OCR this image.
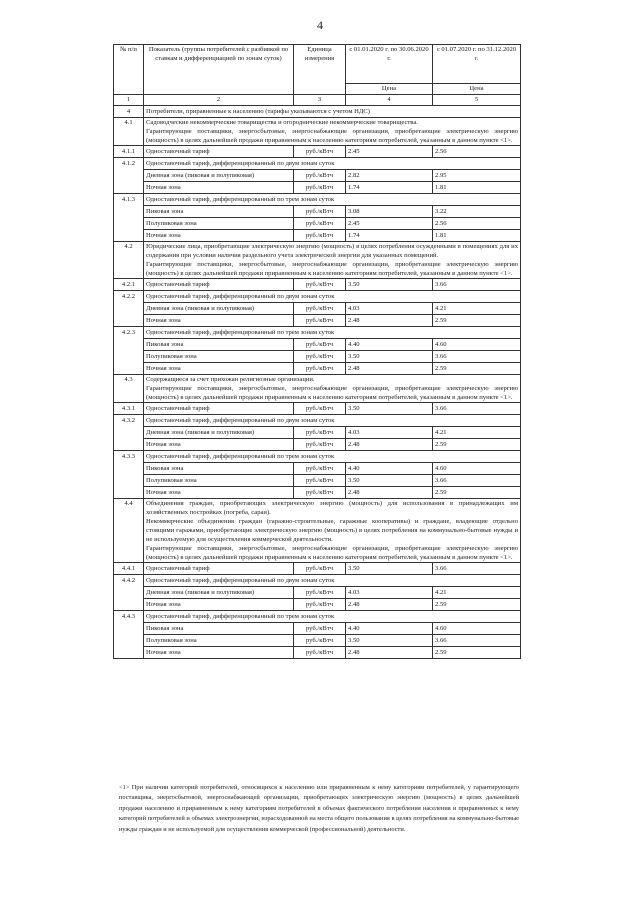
4
№ п/п	Показатель (группы потребителей с разбивкой по ставкам и дифференциацией по зонам суток)	Единица измерения	с 01.01.2020 г. по 30.06.2020 г.	с 01.07.2020 г. по 31.12.2020 г.
			Цена	Цена
1	2	3	4	5
4	Потребители, приравненные к населению (тарифы указываются с учетом НДС)			
4.1	Садоводческие некоммерческие товарищества и огороднические некоммерческие товарищества.

Гарантирующие поставщики, энергосбытовые, энергоснабжающие организации, приобретающие электрическую энергию (мощность) в целях дальнейшей продажи приравненным к населению категориям потребителей, указанным в данном пункте <1>.			

4.1.1	Одноставочный тариф	руб./кВтч	2.45	2.56
4.1.2	Одноставочный тариф, дифференцированный по двум зонам суток			
	Дневная зона (пиковая и полупиковая)	руб./кВтч	2.82	2.95
	Ночная зона	руб./кВтч	1.74	1.81
4.1.3	Одноставочный тариф, дифференцированный по трем зонам суток			
	Пиковая зона	руб./кВтч	3.08	3.22
	Полупиковая зона	руб./кВтч	2.45	2.56
	Ночная зона	руб./кВтч	1.74	1.81
4.2	Юридические лица, приобретающие электрическую энергию (мощность) в целях потребления осужденными в помещениях для их содержания при условии наличия раздельного учета электрической энергии для указанных помещений.

Гарантирующие поставщики, энергосбытовые, энергоснабжающие организации, приобретающие электрическую энергию (мощность) в целях дальнейшей продажи приравненным к населению категориям потребителей, указанным в данном пункте <1>.			

4.2.1	Одноставочный тариф	руб./кВтч	3.50	3.66
4.2.2	Одноставочный тариф, дифференцированный по двум зонам суток			
	Дневная зона (пиковая и полупиковая)	руб./кВтч	4.03	4.21
	Ночная зона	руб./кВтч	2.48	2.59
4.2.3	Одноставочный тариф, дифференцированный по трем зонам суток			
	Пиковая зона	руб./кВтч	4.40	4.60
	Полупиковая зона	руб./кВтч	3.50	3.66
	Ночная зона	руб./кВтч	2.48	2.59
4.3	Содержащиеся за счет прихожан религиозные организации.

Гарантирующие поставщики, энергосбытовые, энергоснабжающие организации, приобретающие электрическую энергию (мощность) в целях дальнейшей продажи приравненным к населению категориям потребителей, указанным в данном пункте <1>.			

4.3.1	Одноставочный тариф	руб./кВтч	3.50	3.66
4.3.2	Одноставочный тариф, дифференцированный по двум зонам суток			
	Дневная зона (пиковая и полупиковая)	руб./кВтч	4.03	4.21
	Ночная зона	руб./кВтч	2.48	2.59
4.3.3	Одноставочный тариф, дифференцированный по трем зонам суток			
	Пиковая зона	руб./кВтч	4.40	4.60
	Полупиковая зона	руб./кВтч	3.50	3.66
	Ночная зона	руб./кВтч	2.48	2.59
4.4	Объединения граждан, приобретающих электрическую энергию (мощность) для использования в принадлежащих им хозяйственных постройках (погреба, сараи).

Некоммерческие объединения граждан (гаражно-строительные, гаражные кооперативы) и граждане, владеющие отдельно стоящими гаражами, приобретающие электрическую энергию (мощность) в целях потребления на коммунально-бытовые нужды и не используемую для осуществления коммерческой деятельности.

Гарантирующие поставщики, энергосбытовые, энергоснабжающие организации, приобретающие электрическую энергию (мощность) в целях дальнейшей продажи приравненным к населению категориям потребителей, указанным в данном пункте <1>.			

4.4.1	Одноставочный тариф	руб./кВтч	3.50	3.66
4.4.2	Одноставочный тариф, дифференцированный по двум зонам суток			
	Дневная зона (пиковая и полупиковая)	руб./кВтч	4.03	4.21
	Ночная зона	руб./кВтч	2.48	2.59
4.4.3	Одноставочный тариф, дифференцированный по трем зонам суток			
	Пиковая зона	руб./кВтч	4.40	4.60
	Полупиковая зона	руб./кВтч	3.50	3.66
	Ночная зона	руб./кВтч	2.48	2.59
<1> При наличии категорий потребителей, относящихся к населению или приравненным к нему категориям потребителей, у гарантирующего поставщика, энергосбытовой, энергоснабжающей организации, приобретающих электрическую энергию (мощность) в целях дальнейшей продажи населению и приравненным к нему категориям потребителей в объемах фактического потребления населения и приравненных к нему категорий потребителей и объемах электроэнергии, израсходованной на места общего пользования в целях потребления на коммунально-бытовые нужды граждан и не используемой для осуществления коммерческой (профессиональной) деятельности.
